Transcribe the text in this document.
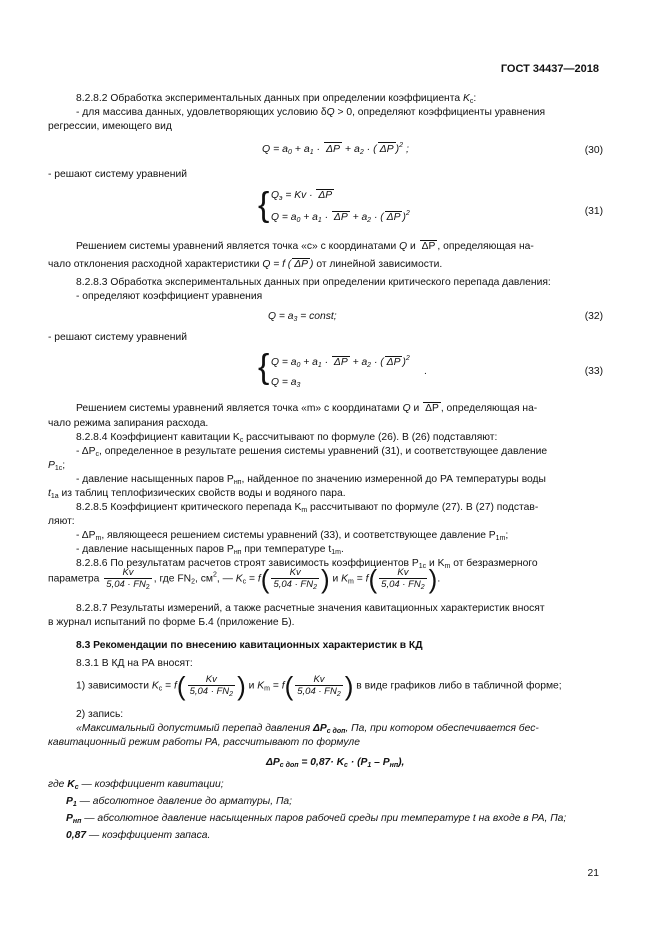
ГОСТ 34437—2018
8.2.8.2 Обработка экспериментальных данных при определении коэффициента $K_c$:
- для массива данных, удовлетворяющих условию δQ > 0, определяют коэффициенты уравнения
регрессии, имеющего вид
$Q = a_0 + a_1 \cdot \Delta P + a_2$ · ( ΔP )$^2$ ;	(30)
- решают систему уравнений
{ $Q_э = Kv \cdot \Delta P$
$Q = a_0 + a_1 \cdot \Delta P + a_2$ · ( ΔP )$^2$	(31)
Решением системы уравнений является точка «с» с координатами Q и ΔP , определяющая на-
чало отклонения расходной характеристики Q = f ( ΔP ) от линейной зависимости.
8.2.8.3 Обработка экспериментальных данных при определении критического перепада давления:
- определяют коэффициент уравнения
$Q = a_3$ = const;	(32)
- решают систему уравнений
{ $Q = a_0 + a_1 \cdot \Delta P + a_2$ · ( ΔP )$^2$
$Q = a_3$
.	(33)
Решением системы уравнений является точка «m» с координатами Q и ΔP , определяющая на-
чало режима запирания расхода.
8.2.8.4 Коэффициент кавитации $K_с$ рассчитывают по формуле (26). В (26) подставляют:
- $\Delta P_с$, определенное в результате решения системы уравнений (31), и соответствующее давление
$P_{1с}$;
- давление насыщенных паров $P_{нп}$, найденное по значению измеренной до РА температуры воды
$t_{1а}$ из таблиц теплофизических свойств воды и водяного пара.
8.2.8.5 Коэффициент критического перепада $K_m$ рассчитывают по формуле (27). В (27) подстав-
ляют:
- $\Delta P_m$, являющееся решением системы уравнений (33), и соответствующее давление $P_{1m}$;
- давление насыщенных паров $P_{нп}$ при температуре $t_{1m}$.
8.2.8.6 По результатам расчетов строят зависимость коэффициентов $P_{1с}$ и $K_m$ от безразмерного
параметра $\frac{Kv}{5,04 \cdot FN_2}$ , где $FN_2$, $см^2$, — $K_с = f( \frac{Kv}{5,04 \cdot FN_2}$ ) и $K_m = f( \frac{Kv}{5,04 \cdot FN_2}$ ).
8.2.8.7 Результаты измерений, а также расчетные значения кавитационных характеристик вносят
в журнал испытаний по форме Б.4 (приложение Б).
8.3 Рекомендации по внесению кавитационных характеристик в КД
8.3.1 В КД на РА вносят:
1) зависимости $K_с = f( \frac{Kv}{5,04 \cdot FN_2}$ ) и $K_m = f( \frac{Kv}{5,04 \cdot FN_2}$ ) в виде графиков либо в табличной форме;
2) запись:
«Максимальный допустимый перепад давления $\Delta P_{с доп}$, Па, при котором обеспечивается бес-
кавитационный режим работы РА, рассчитывают по формуле
$\Delta P_{с доп} = 0,87\cdot K_с \cdot (P_1 - P_{нп})$,
где $K_с$ — коэффициент кавитации;
$P_1$ — абсолютное давление до арматуры, Па;
$P_{нп}$ — абсолютное давление насыщенных паров рабочей среды при температуре t на входе в РА, Па;
0,87 — коэффициент запаса.
21
